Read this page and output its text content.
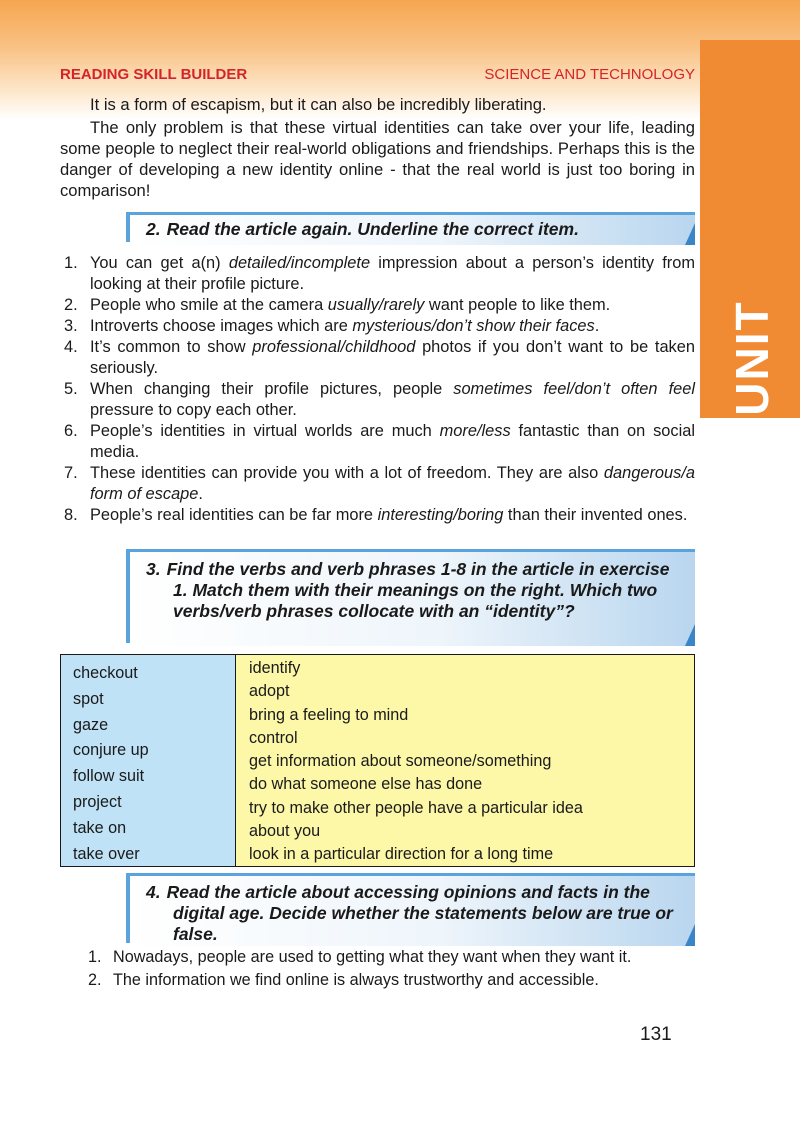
5
UNIT
READING SKILL BUILDER	SCIENCE AND TECHNOLOGY

It is a form of escapism, but it can also be incredibly liberating.

The only problem is that these virtual identities can take over your life, leading some people to neglect their real-world obligations and friendships. Perhaps this is the danger of developing a new identity online - that the real world is just too boring in comparison!

2. Read the article again. Underline the correct item.
1. You can get a(n) detailed/incomplete impression about a person’s identity from looking at their profile picture.
2. People who smile at the camera usually/rarely want people to like them.
3. Introverts choose images which are mysterious/don’t show their faces.
4. It’s common to show professional/childhood photos if you don’t want to be taken seriously.
5. When changing their profile pictures, people sometimes feel/don’t often feel pressure to copy each other.
6. People’s identities in virtual worlds are much more/less fantastic than on social media.
7. These identities can provide you with a lot of freedom. They are also dangerous/a form of escape.
8. People’s real identities can be far more interesting/boring than their invented ones.
3. Find the verbs and verb phrases 1-8 in the article in exercise 1. Match them with their meanings on the right. Which two verbs/verb phrases collocate with an “identity”?
checkout
spot
gaze
conjure up
follow suit
project
take on
take over
identify
adopt
bring a feeling to mind
control
get information about someone/something
do what someone else has done
try to make other people have a particular idea
about you
look in a particular direction for a long time
4. Read the article about accessing opinions and facts in the digital age. Decide whether the statements below are true or false.
1. Nowadays, people are used to getting what they want when they want it.
2. The information we find online is always trustworthy and accessible.
131
